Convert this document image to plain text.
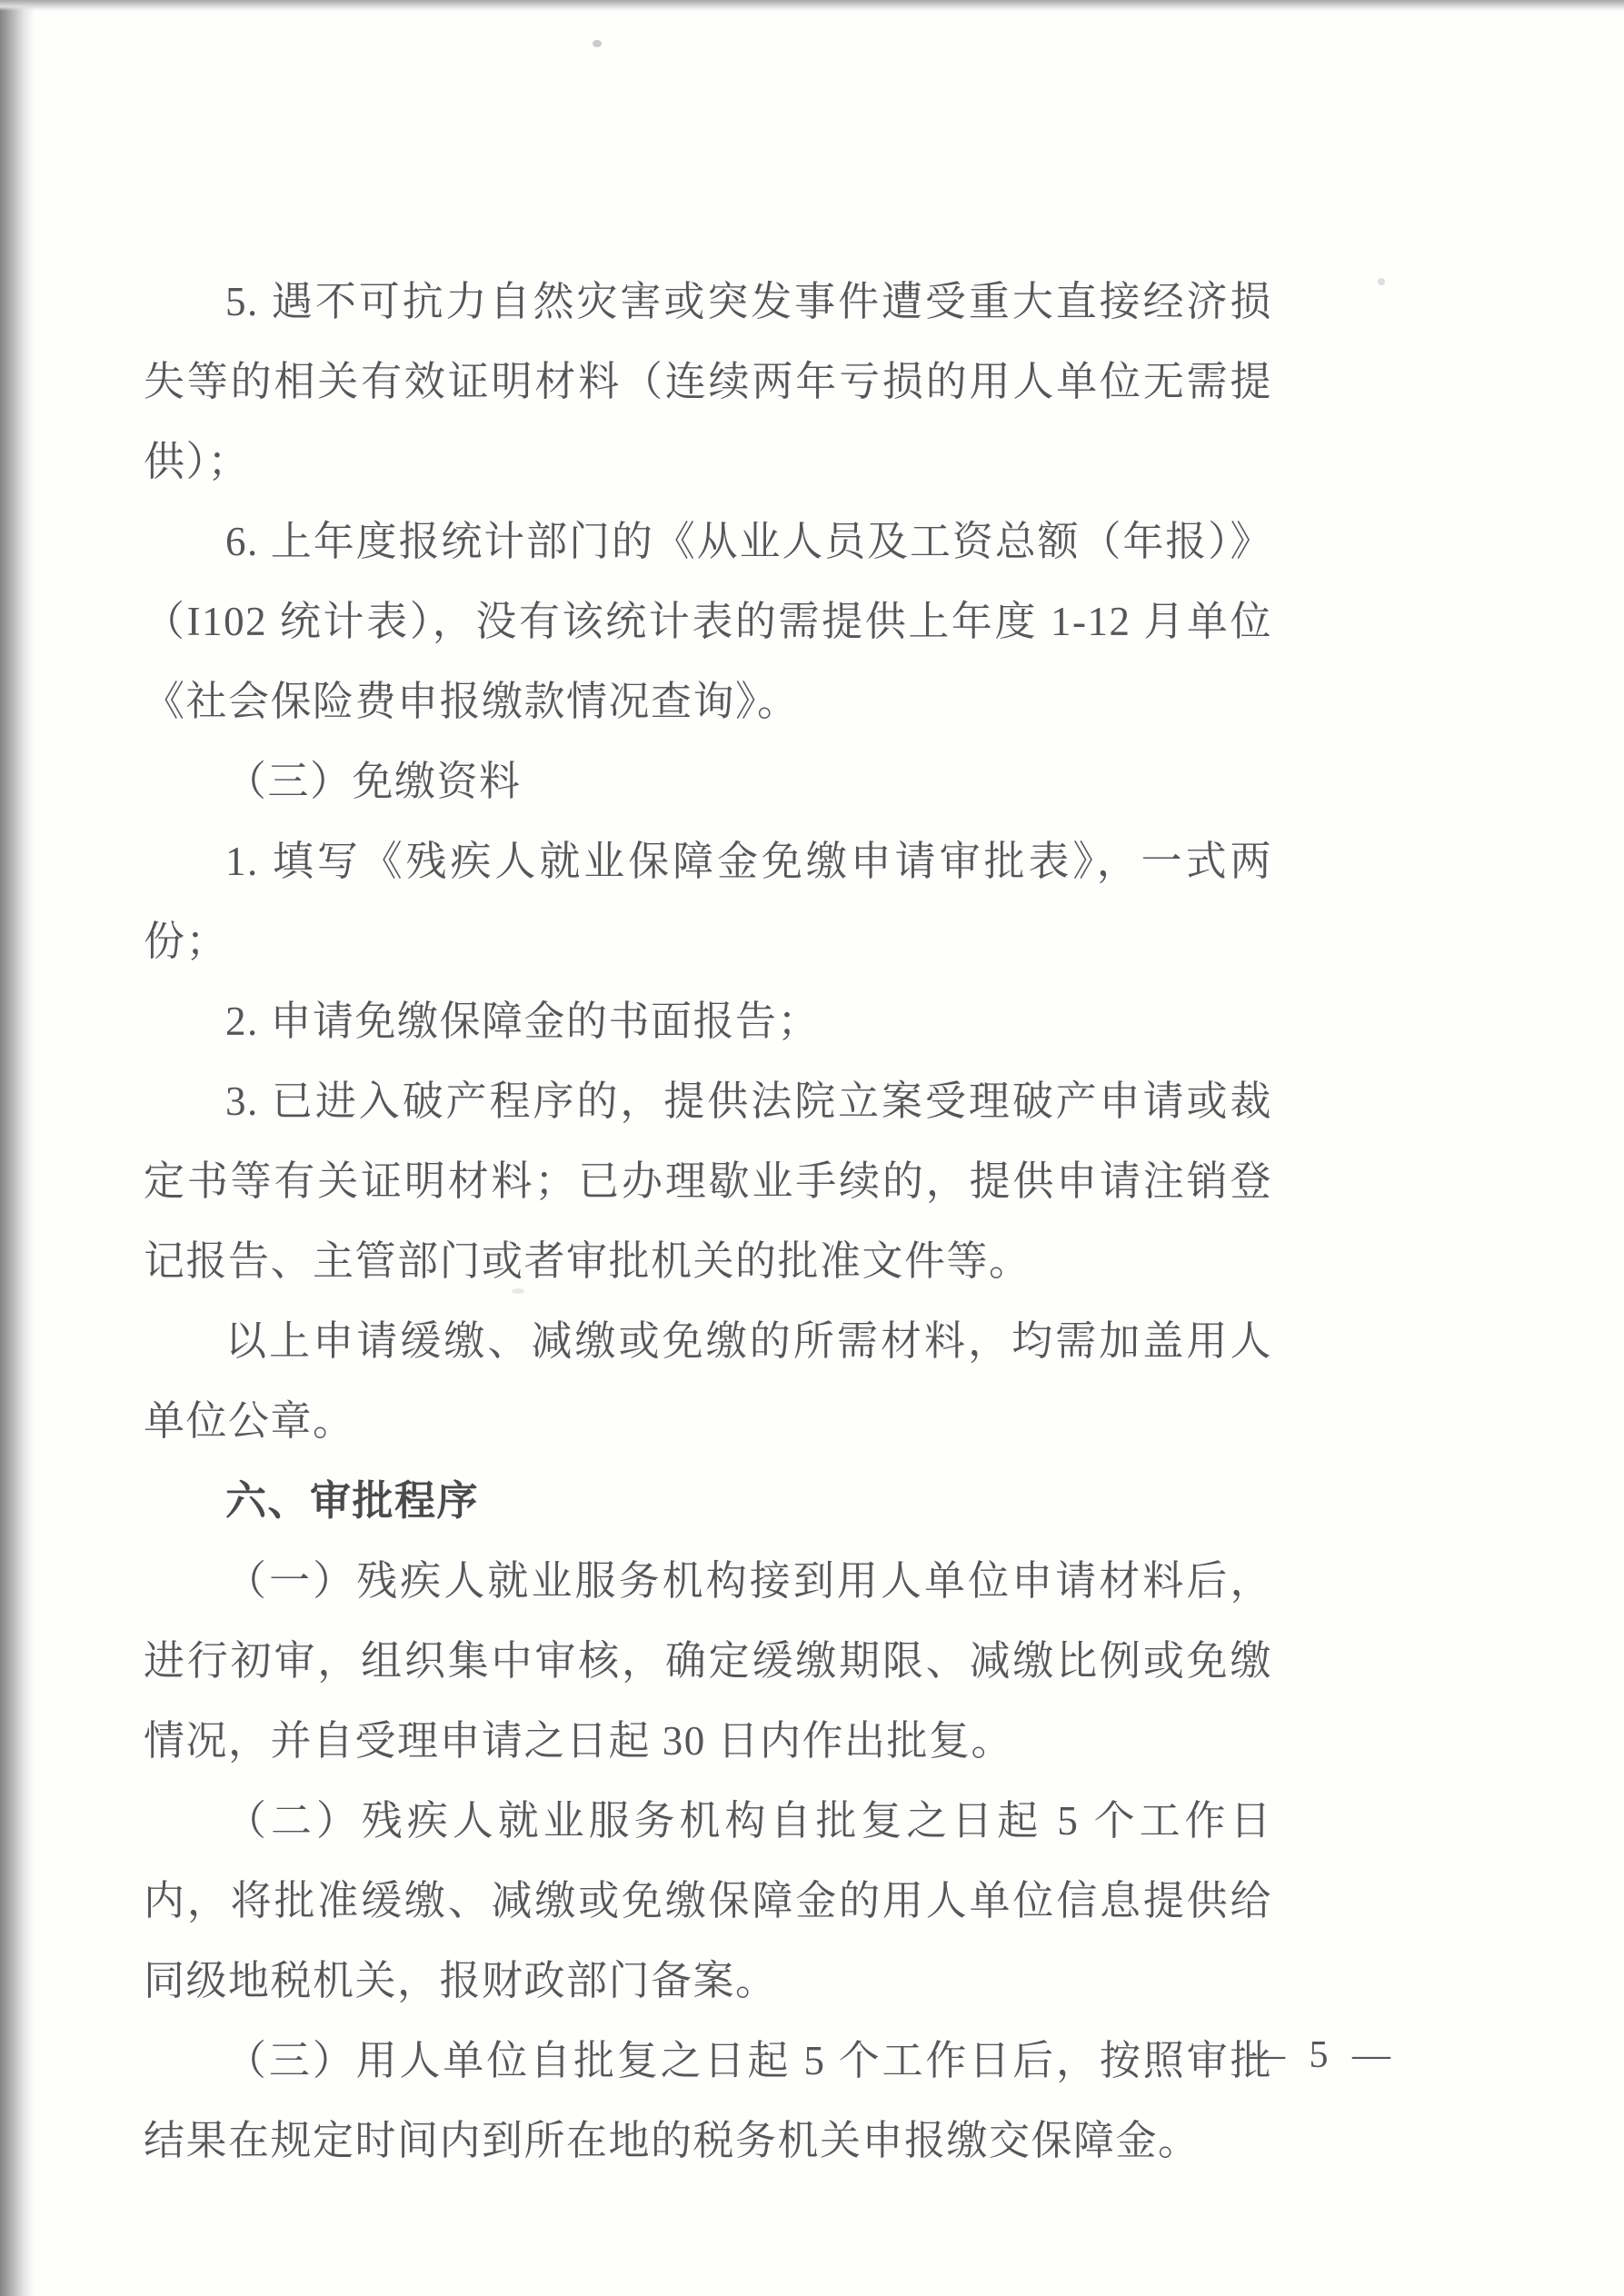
5. 遇不可抗力自然灾害或突发事件遭受重大直接经济损失等的相关有效证明材料（连续两年亏损的用人单位无需提供）；

6. 上年度报统计部门的《从业人员及工资总额（年报）》（I102 统计表），没有该统计表的需提供上年度 1-12 月单位《社会保险费申报缴款情况查询》。

（三）免缴资料

1. 填写《残疾人就业保障金免缴申请审批表》，一式两份；

2. 申请免缴保障金的书面报告；

3. 已进入破产程序的，提供法院立案受理破产申请或裁定书等有关证明材料；已办理歇业手续的，提供申请注销登记报告、主管部门或者审批机关的批准文件等。

以上申请缓缴、减缴或免缴的所需材料，均需加盖用人单位公章。

六、审批程序

（一）残疾人就业服务机构接到用人单位申请材料后，进行初审，组织集中审核，确定缓缴期限、减缴比例或免缴情况，并自受理申请之日起 30 日内作出批复。

（二）残疾人就业服务机构自批复之日起 5 个工作日内，将批准缓缴、减缴或免缴保障金的用人单位信息提供给同级地税机关，报财政部门备案。

（三）用人单位自批复之日起 5 个工作日后，按照审批结果在规定时间内到所在地的税务机关申报缴交保障金。

— 5 —
